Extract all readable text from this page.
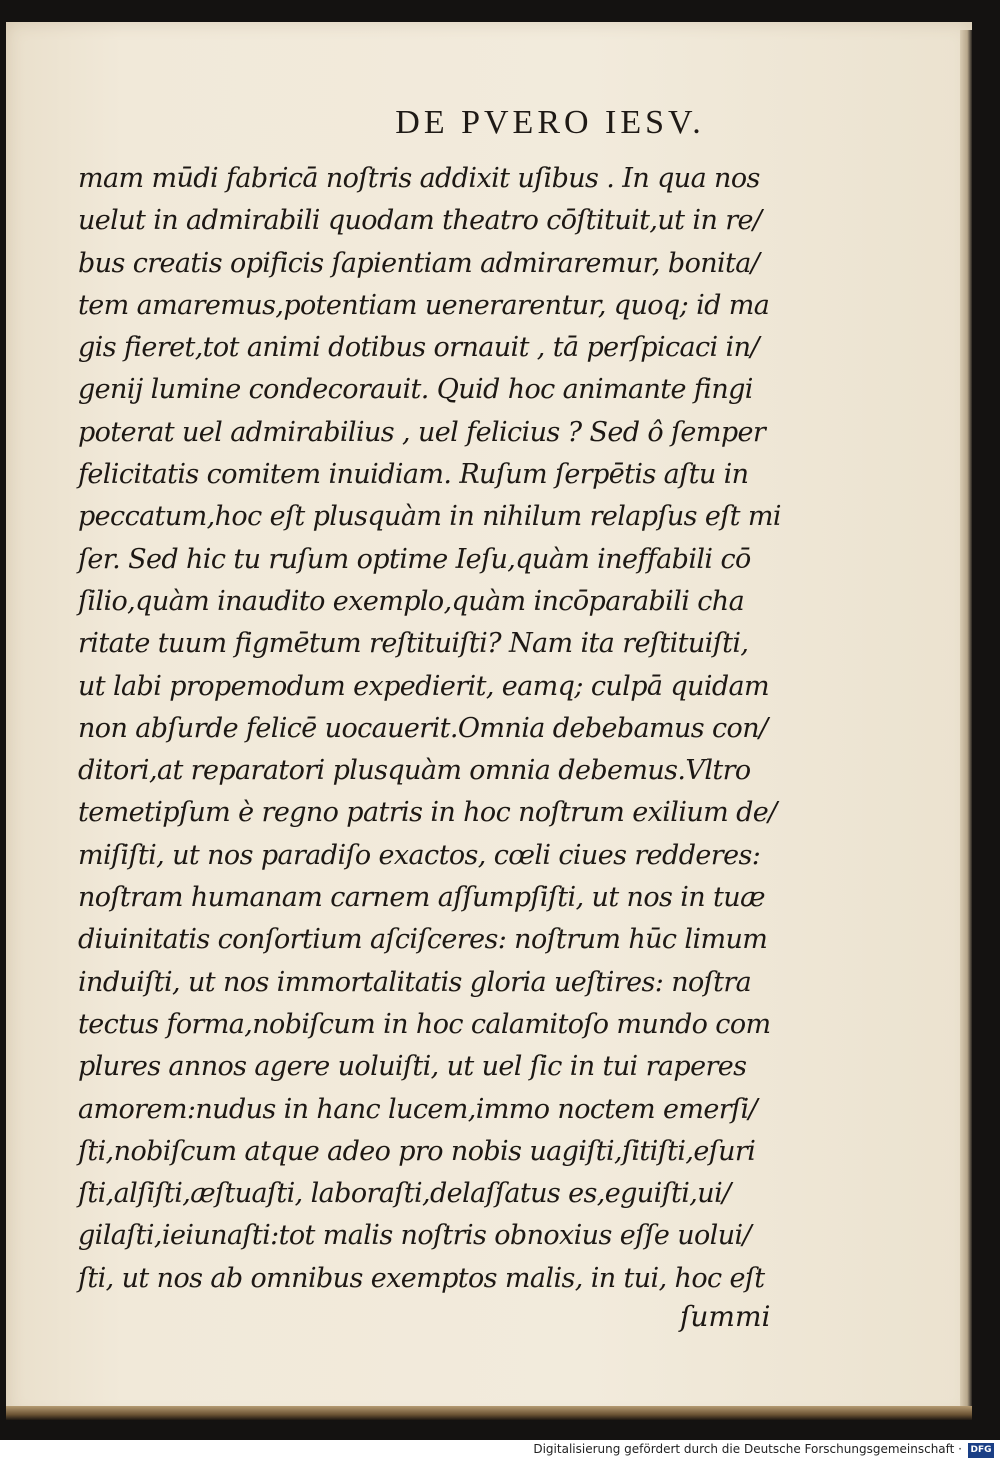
DE PVERO IESV.
mam mūdi fabricā noſtris addixit uſibus . In qua nos
uelut in admirabili quodam theatro cōſtituit,ut in re/
bus creatis opificis ſapientiam admiraremur, bonita/
tem amaremus,potentiam uenerarentur, quoq; id ma
gis fieret,tot animi dotibus ornauit , tā perſpicaci in/
genij lumine condecorauit. Quid hoc animante fingi
poterat uel admirabilius , uel felicius ? Sed ô ſemper
felicitatis comitem inuidiam. Ruſum ſerpētis aſtu in
peccatum,hoc eſt plusquàm in nihilum relapſus eſt mi
ſer. Sed hic tu ruſum optime Ieſu,quàm ineffabili cō
ſilio,quàm inaudito exemplo,quàm incōparabili cha
ritate tuum figmētum reſtituiſti? Nam ita reſtituiſti,
ut labi propemodum expedierit, eamq; culpā quidam
non abſurde felicē uocauerit.Omnia debebamus con/
ditori,at reparatori plusquàm omnia debemus.Vltro
temetipſum è regno patris in hoc noſtrum exilium de/
miſiſti, ut nos paradiſo exactos, cœli ciues redderes:
noſtram humanam carnem aſſumpſiſti, ut nos in tuæ
diuinitatis conſortium aſciſceres: noſtrum hūc limum
induiſti, ut nos immortalitatis gloria ueſtires: noſtra
tectus forma,nobiſcum in hoc calamitoſo mundo com
plures annos agere uoluiſti, ut uel ſic in tui raperes
amorem:nudus in hanc lucem,immo noctem emerſi/
ſti,nobiſcum atque adeo pro nobis uagiſti,ſitiſti,eſuri
ſti,alſiſti,æſtuaſti, laboraſti,delaſſatus es,eguiſti,ui/
gilaſti,ieiunaſti:tot malis noſtris obnoxius eſſe uolui/
ſti, ut nos ab omnibus exemptos malis, in tui, hoc eſt
ſummi
Digitalisierung gefördert durch die Deutsche Forschungsgemeinschaft · DFG
